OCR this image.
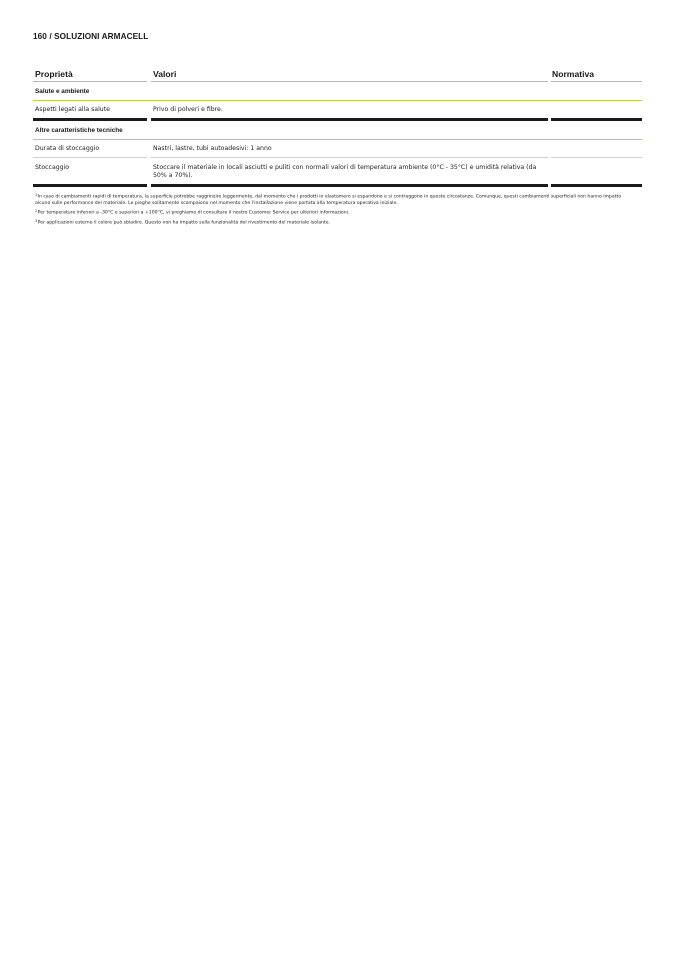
160 / SOLUZIONI ARMACELL
Proprietà	Valori	Normativa
Salute e ambiente
Aspetti legati alla salute	Privo di polveri e fibre.
Altre caratteristiche tecniche
Durata di stoccaggio	Nastri, lastre, tubi autoadesivi: 1 anno
Stoccaggio	Stoccare il materiale in locali asciutti e puliti con normali valori di temperatura ambiente (0°C - 35°C) e umidità relativa (da 50% a 70%).
$^1$In caso di cambiamenti rapidi di temperatura, la superficie potrebbe raggrinzire leggermente, dal momento che i prodotti in elastomero si espandono e si contraggono in queste circostanze. Comunque, questi cambiamenti superficiali non hanno impatto alcuno sulle performance del materiale. Le pieghe solitamente scompaiono nel momento che l'installazione viene portata alla temperatura operativa iniziale.
$^2$Per temperature inferiori a -30°C o superiori a +100°C, vi preghiamo di consultare il nostro Customer Service per ulteriori informazioni.
$^3$Per applicazioni esterne il colore può sbiadire. Questo non ha impatto sulla funzionalità del rivestimento del materiale isolante.
